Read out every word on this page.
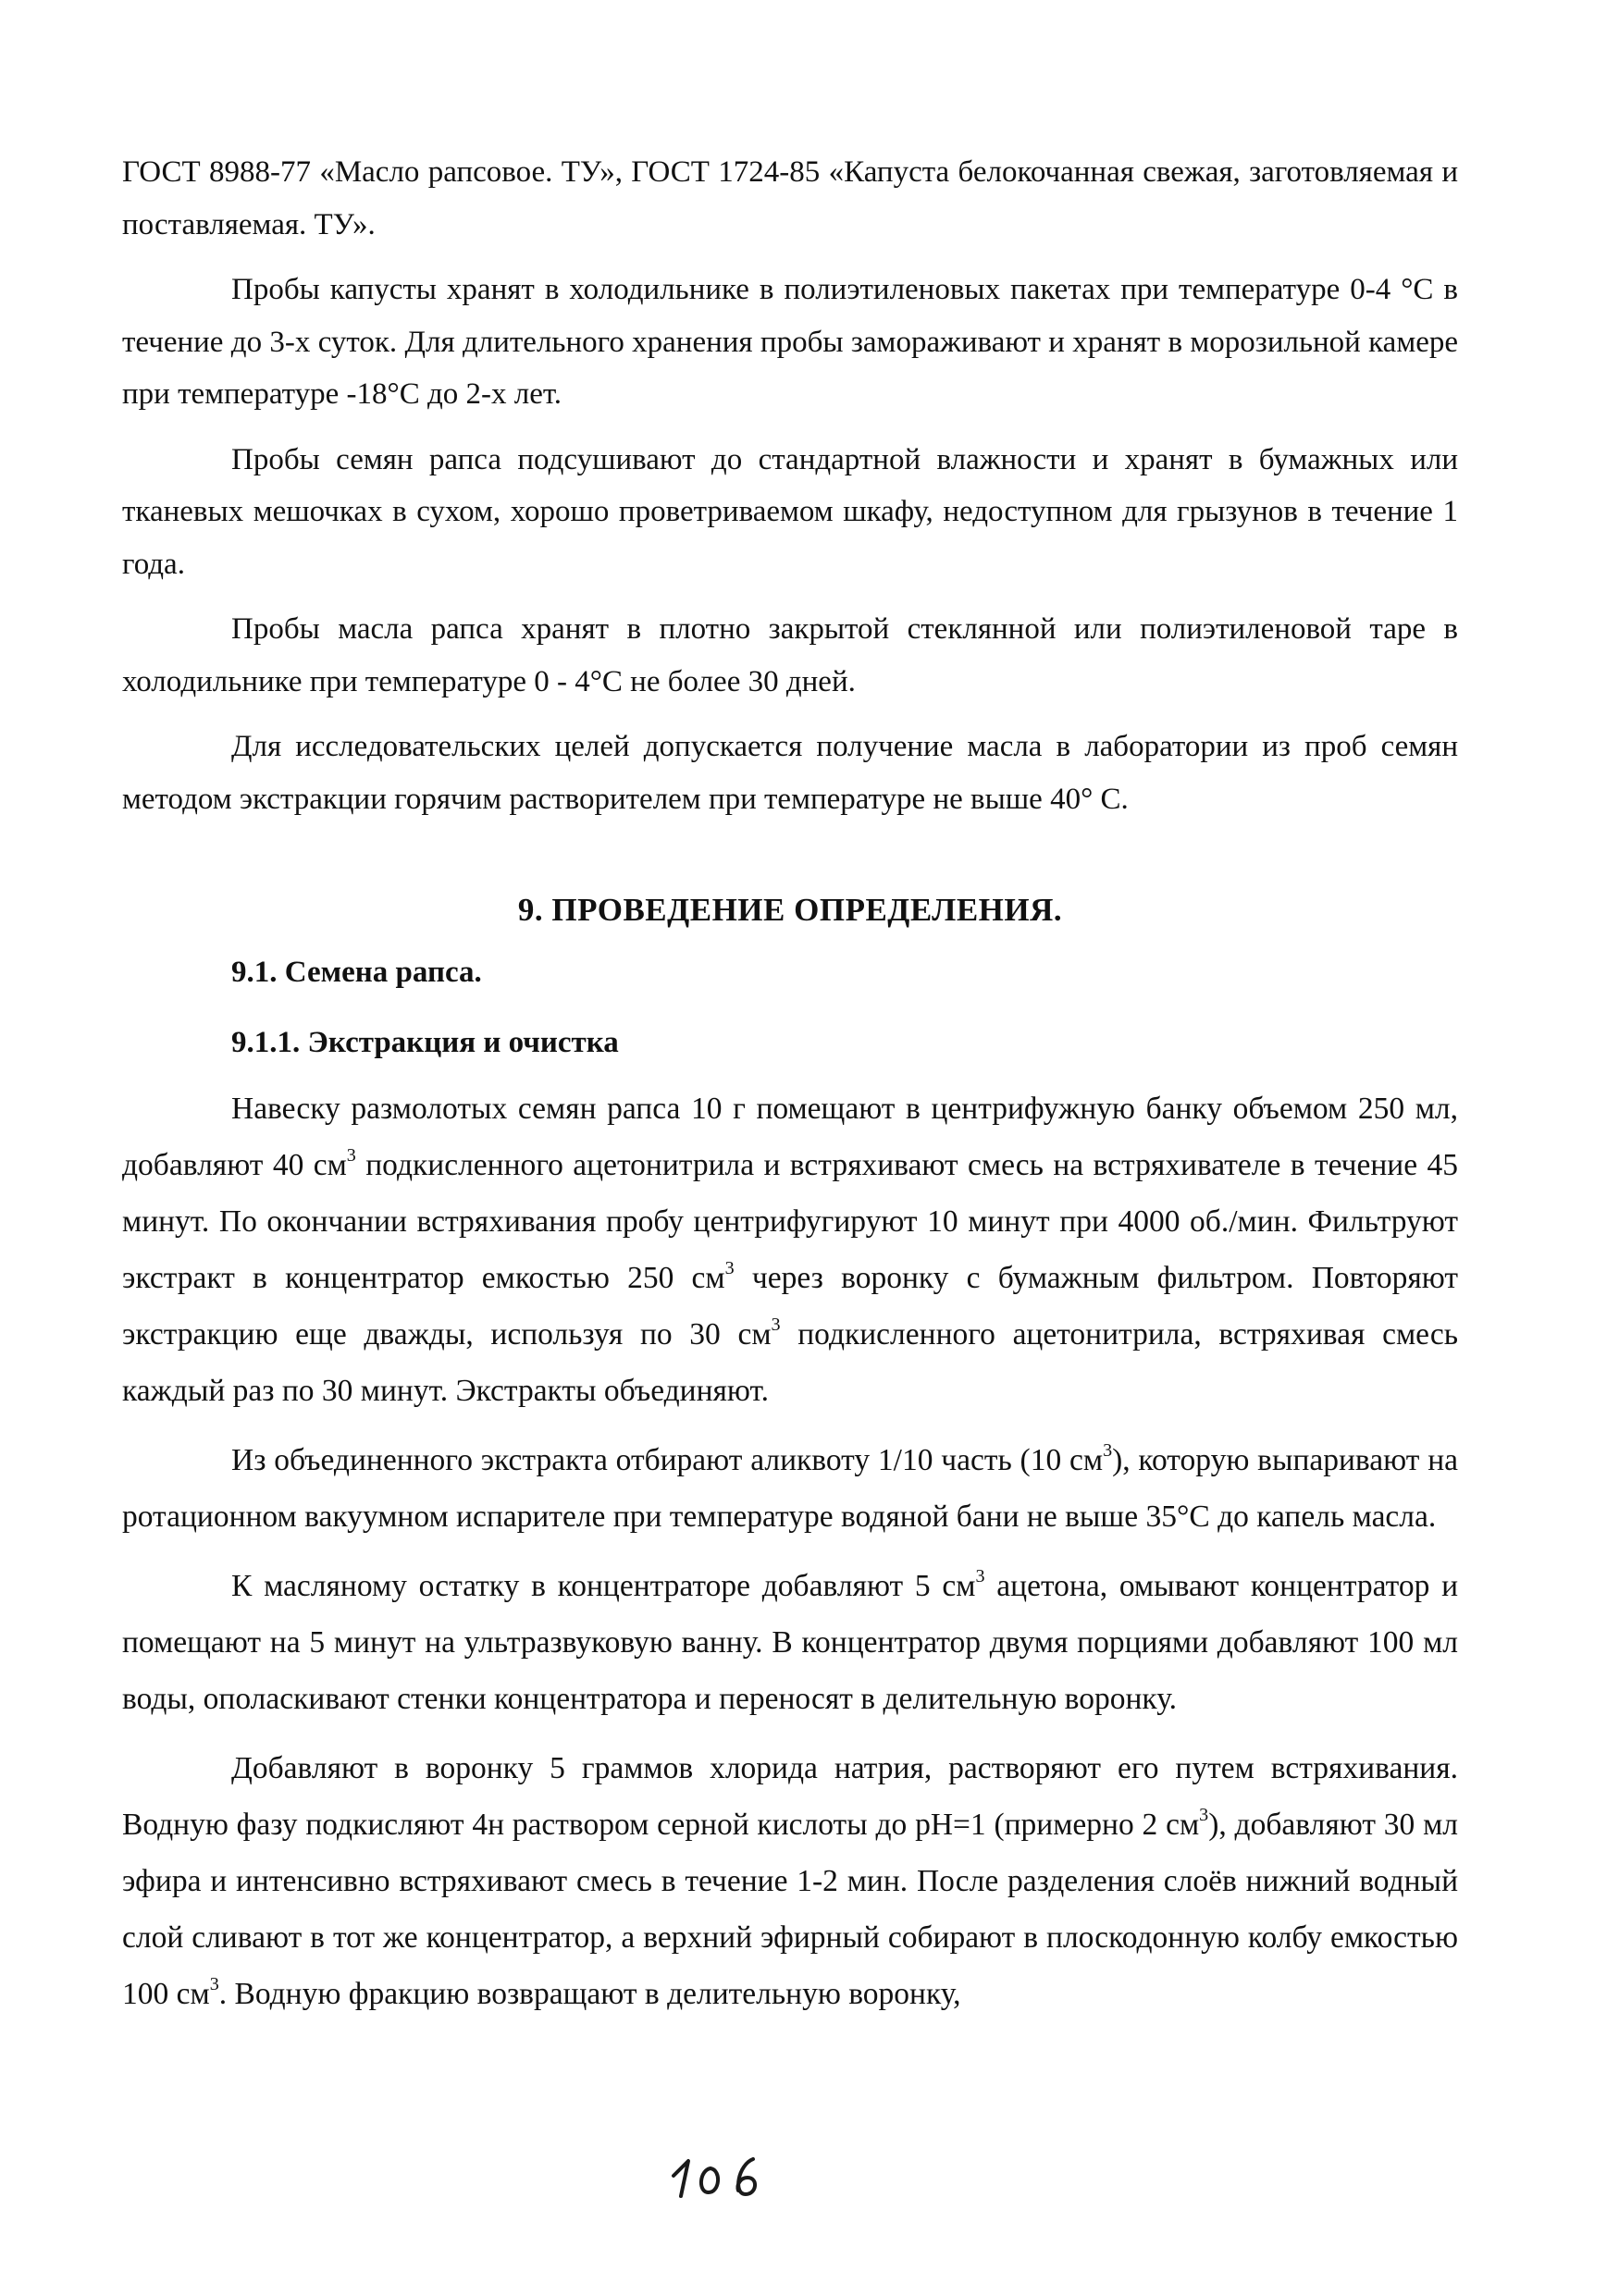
ГОСТ 8988-77 «Масло рапсовое. ТУ», ГОСТ 1724-85 «Капуста белокочанная свежая, заготовляемая и поставляемая. ТУ».

Пробы капусты хранят в холодильнике в полиэтиленовых пакетах при температуре 0-4 °С в течение до 3-х суток. Для длительного хранения пробы замораживают и хранят в морозильной камере при температуре -18°С до 2-х лет.

Пробы семян рапса подсушивают до стандартной влажности и хранят в бумажных или тканевых мешочках в сухом, хорошо проветриваемом шкафу, недоступном для грызунов в течение 1 года.

Пробы масла рапса хранят в плотно закрытой стеклянной или полиэтиленовой таре в холодильнике при температуре 0 - 4°С не более 30 дней.

Для исследовательских целей допускается получение масла в лаборатории из проб семян методом экстракции горячим растворителем при температуре не выше 40° С.

9. ПРОВЕДЕНИЕ ОПРЕДЕЛЕНИЯ.
9.1. Семена рапса.
9.1.1. Экстракция и очистка

Навеску размолотых семян рапса 10 г помещают в центрифужную банку объемом 250 мл, добавляют 40 $см^3$ подкисленного ацетонитрила и встряхивают смесь на встряхивателе в течение 45 минут. По окончании встряхивания пробу центрифугируют 10 минут при 4000 об./мин. Фильтруют экстракт в концентратор емкостью 250 $см^3$ через воронку с бумажным фильтром. Повторяют экстракцию еще дважды, используя по 30 $см^3$ подкисленного ацетонитрила, встряхивая смесь каждый раз по 30 минут. Экстракты объединяют.

Из объединенного экстракта отбирают аликвоту 1/10 часть (10 $см^3$), которую выпаривают на ротационном вакуумном испарителе при температуре водяной бани не выше 35°С до капель масла.

К масляному остатку в концентраторе добавляют 5 $см^3$ ацетона, омывают концентратор и помещают на 5 минут на ультразвуковую ванну. В концентратор двумя порциями добавляют 100 мл воды, ополаскивают стенки концентратора и переносят в делительную воронку.

Добавляют в воронку 5 граммов хлорида натрия, растворяют его путем встряхивания. Водную фазу подкисляют 4н раствором серной кислоты до рН=1 (примерно 2 $см^3$), добавляют 30 мл эфира и интенсивно встряхивают смесь в течение 1-2 мин. После разделения слоёв нижний водный слой сливают в тот же концентратор, а верхний эфирный собирают в плоскодонную колбу емкостью 100 $см^3$. Водную фракцию возвращают в делительную воронку,
